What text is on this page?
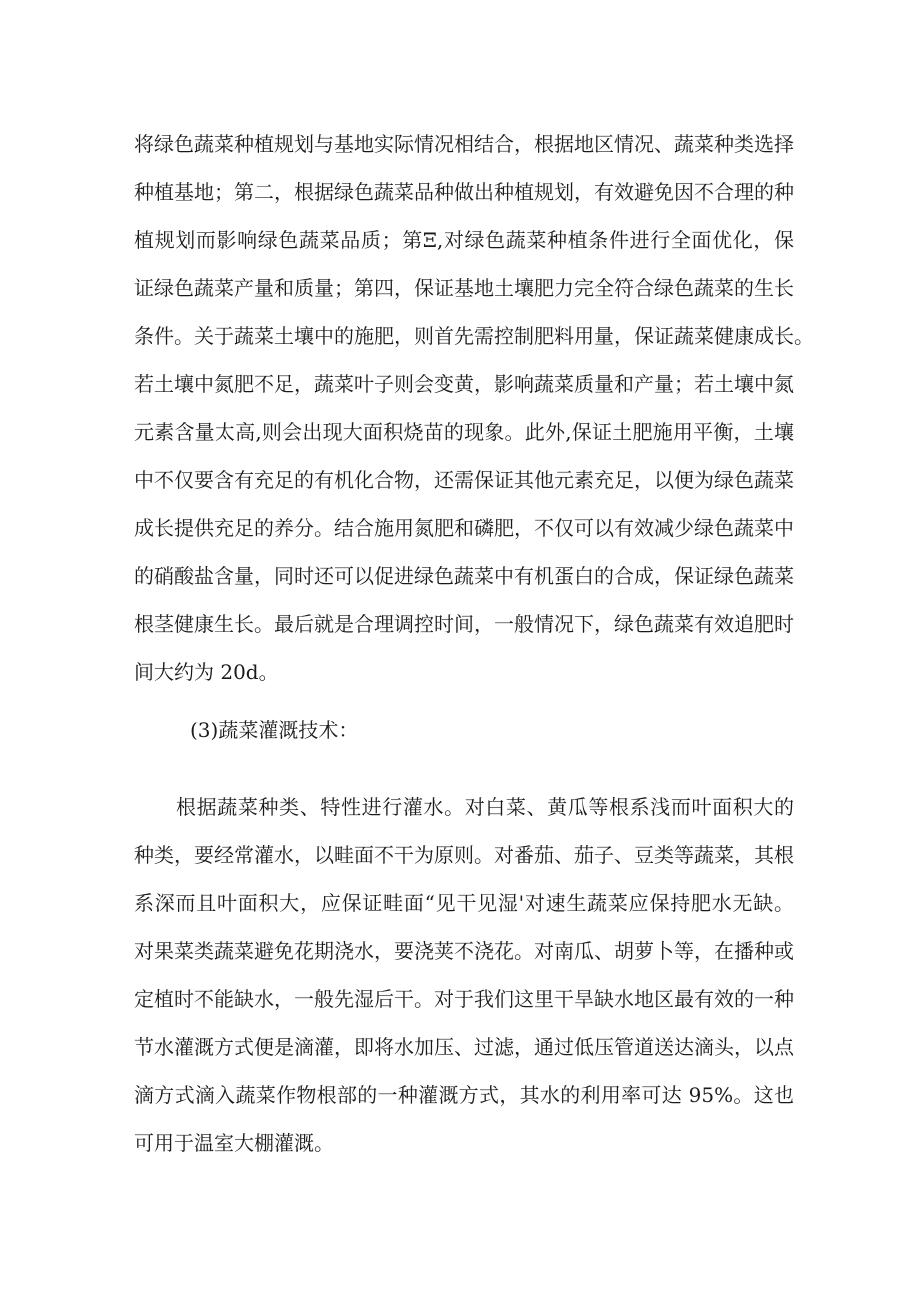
将绿色蔬菜种植规划与基地实际情况相结合，根据地区情况、蔬菜种类选择
种植基地；第二，根据绿色蔬菜品种做出种植规划，有效避免因不合理的种
植规划而影响绿色蔬菜品质；第Ξ,对绿色蔬菜种植条件进行全面优化，保
证绿色蔬菜产量和质量；第四，保证基地土壤肥力完全符合绿色蔬菜的生长
条件。关于蔬菜土壤中的施肥，则首先需控制肥料用量，保证蔬菜健康成长。
若土壤中氮肥不足，蔬菜叶子则会变黄，影响蔬菜质量和产量；若土壤中氮
元素含量太高,则会出现大面积烧苗的现象。此外,保证土肥施用平衡，土壤
中不仅要含有充足的有机化合物，还需保证其他元素充足，以便为绿色蔬菜
成长提供充足的养分。结合施用氮肥和磷肥，不仅可以有效减少绿色蔬菜中
的硝酸盐含量，同时还可以促进绿色蔬菜中有机蛋白的合成，保证绿色蔬菜
根茎健康生长。最后就是合理调控时间，一般情况下，绿色蔬菜有效追肥时
间大约为 20d。
(3)蔬菜灌溉技术：
根据蔬菜种类、特性进行灌水。对白菜、黄瓜等根系浅而叶面积大的
种类，要经常灌水，以畦面不干为原则。对番茄、茄子、豆类等蔬菜，其根
系深而且叶面积大，应保证畦面“见干见湿'对速生蔬菜应保持肥水无缺。
对果菜类蔬菜避免花期浇水，要浇荚不浇花。对南瓜、胡萝卜等，在播种或
定植时不能缺水，一般先湿后干。对于我们这里干旱缺水地区最有效的一种
节水灌溉方式便是滴灌，即将水加压、过滤，通过低压管道送达滴头，以点
滴方式滴入蔬菜作物根部的一种灌溉方式，其水的利用率可达 95%。这也
可用于温室大棚灌溉。
